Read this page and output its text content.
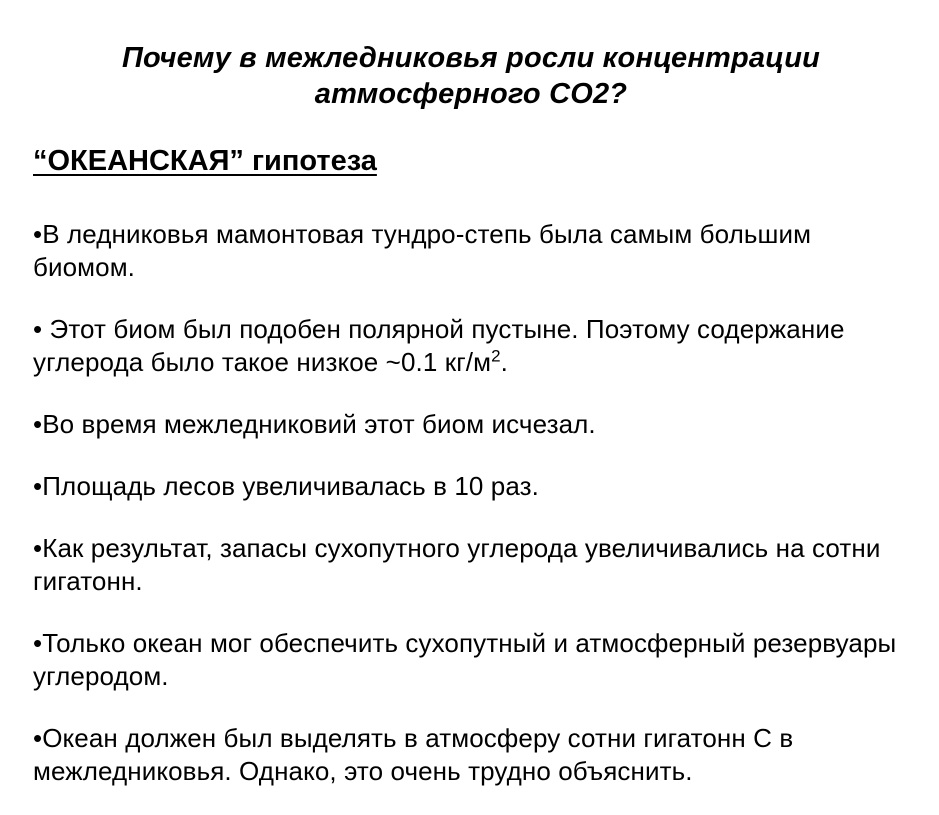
Почему в межледниковья росли концентрации
атмосферного CO2?
“ОКЕАНСКАЯ” гипотеза

•В ледниковья мамонтовая тундро-степь была самым большим биомом.

• Этот биом был подобен полярной пустыне. Поэтому содержание углерода было такое низкое ~0.1 $кг/м^2$.

•Во время межледниковий этот биом исчезал.

•Площадь лесов увеличивалась в 10 раз.

•Как результат, запасы сухопутного углерода увеличивались на сотни гигатонн.

•Только океан мог обеспечить сухопутный и атмосферный резервуары углеродом.

•Океан должен был выделять в атмосферу сотни гигатонн C в межледниковья. Однако, это очень трудно объяснить.
